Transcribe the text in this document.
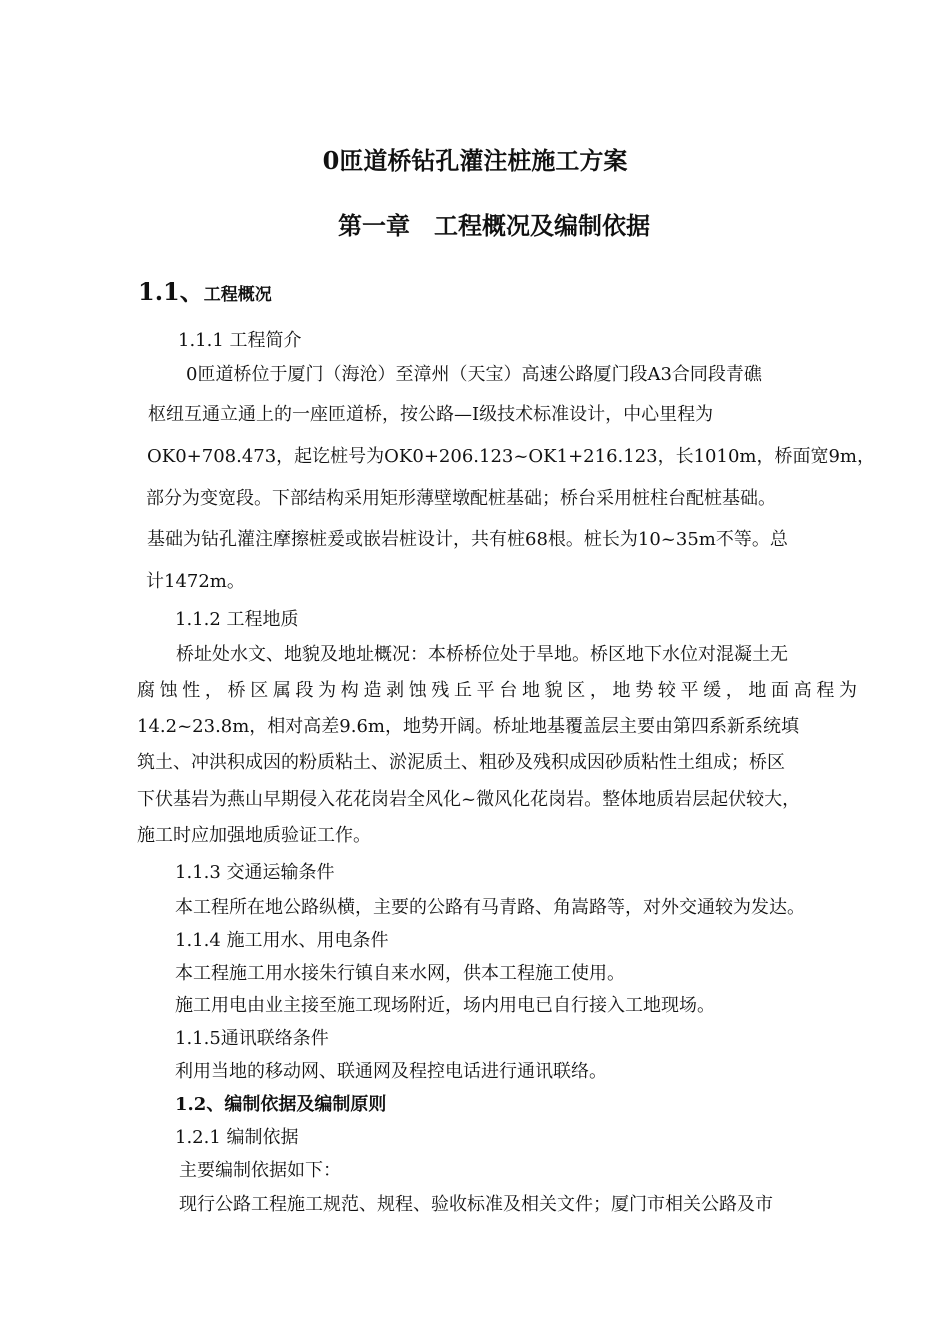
0匝道桥钻孔灌注桩施工方案
第一章　工程概况及编制依据
1.1、工程概况
1.1.1 工程简介
0匝道桥位于厦门（海沧）至漳州（天宝）高速公路厦门段A3合同段青礁
枢纽互通立通上的一座匝道桥，按公路—I级技术标准设计，中心里程为
OK0+708.473，起讫桩号为OK0+206.123~OK1+216.123，长1010m，桥面宽9m，
部分为变宽段。下部结构采用矩形薄壁墩配桩基础；桥台采用桩柱台配桩基础。
基础为钻孔灌注摩擦桩爰或嵌岩桩设计，共有桩68根。桩长为10~35m不等。总
计1472m。
1.1.2 工程地质
桥址处水文、地貌及地址概况：本桥桥位处于旱地。桥区地下水位对混凝土无
腐蚀性，桥区属段为构造剥蚀残丘平台地貌区，地势较平缓，地面高程为
14.2~23.8m，相对高差9.6m，地势开阔。桥址地基覆盖层主要由第四系新系统填
筑土、冲洪积成因的粉质粘土、淤泥质土、粗砂及残积成因砂质粘性土组成；桥区
下伏基岩为燕山早期侵入花花岗岩全风化~微风化花岗岩。整体地质岩层起伏较大，
施工时应加强地质验证工作。
1.1.3 交通运输条件
本工程所在地公路纵横，主要的公路有马青路、角嵩路等，对外交通较为发达。
1.1.4 施工用水、用电条件
本工程施工用水接朱行镇自来水网，供本工程施工使用。
施工用电由业主接至施工现场附近，场内用电已自行接入工地现场。
1.1.5通讯联络条件
利用当地的移动网、联通网及程控电话进行通讯联络。
1.2、编制依据及编制原则
1.2.1 编制依据
主要编制依据如下：
现行公路工程施工规范、规程、验收标准及相关文件；厦门市相关公路及市
